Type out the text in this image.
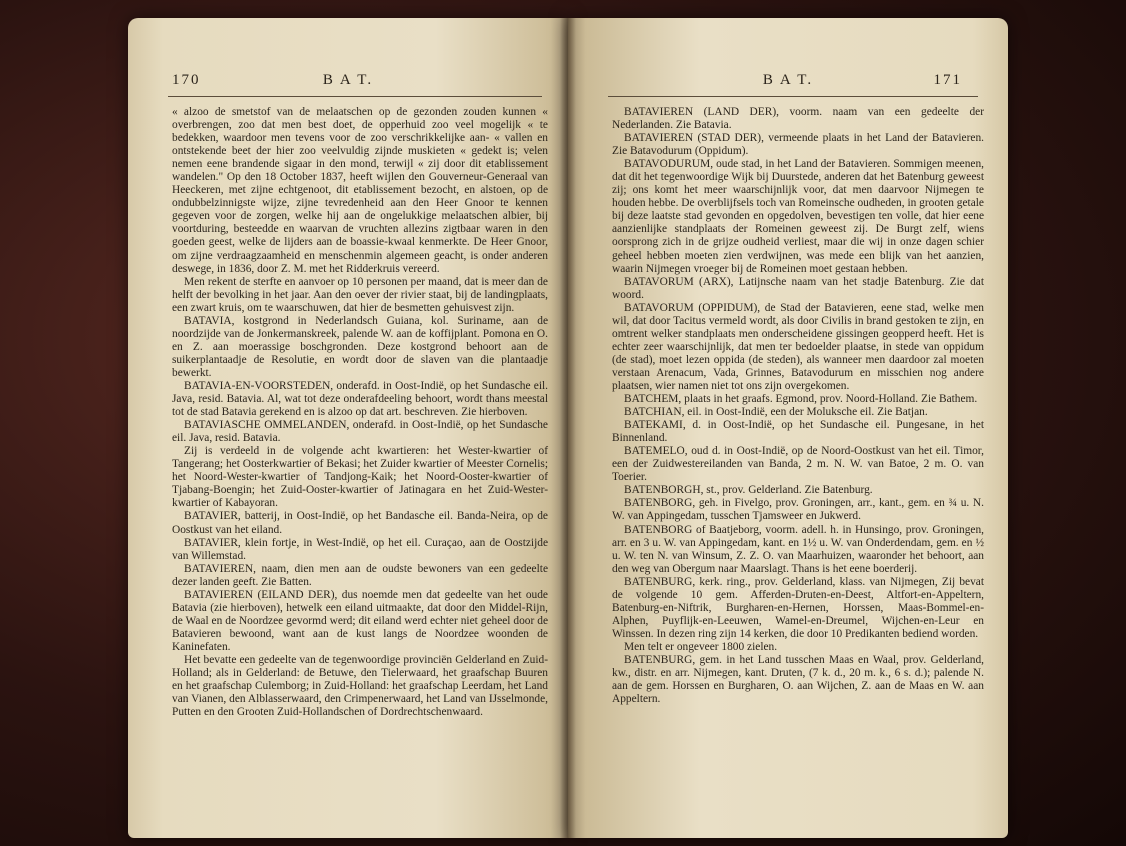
170	B A T.

« alzoo de smetstof van de melaatschen op de gezonden zouden kunnen « overbrengen, zoo dat men best doet, de opperhuid zoo veel mogelijk « te bedekken, waardoor men tevens voor de zoo verschrikkelijke aan- « vallen en ontstekende beet der hier zoo veelvuldig zijnde muskieten « gedekt is; velen nemen eene brandende sigaar in den mond, terwijl « zij door dit etablissement wandelen." Op den 18 October 1837, heeft wijlen den Gouverneur-Generaal van Heeckeren, met zijne echtgenoot, dit etablissement bezocht, en alstoen, op de ondubbelzinnigste wijze, zijne tevredenheid aan den Heer Gnoor te kennen gegeven voor de zorgen, welke hij aan de ongelukkige melaatschen albier, bij voortduring, besteedde en waarvan de vruchten allezins zigtbaar waren in den goeden geest, welke de lijders aan de boassie-kwaal kenmerkte. De Heer Gnoor, om zijne verdraagzaamheid en menschenmin algemeen geacht, is onder anderen deswege, in 1836, door Z. M. met het Ridderkruis vereerd.

Men rekent de sterfte en aanvoer op 10 personen per maand, dat is meer dan de helft der bevolking in het jaar. Aan den oever der rivier staat, bij de landingplaats, een zwart kruis, om te waarschuwen, dat hier de besmetten gehuisvest zijn.

BATAVIA, kostgrond in Nederlandsch Guiana, kol. Suriname, aan de noordzijde van de Jonkermanskreek, palende W. aan de koffijplant. Pomona en O. en Z. aan moerassige boschgronden. Deze kostgrond behoort aan de suikerplantaadje de Resolutie, en wordt door de slaven van die plantaadje bewerkt.

BATAVIA-EN-VOORSTEDEN, onderafd. in Oost-Indië, op het Sundasche eil. Java, resid. Batavia. Al, wat tot deze onderafdeeling behoort, wordt thans meestal tot de stad Batavia gerekend en is alzoo op dat art. beschreven. Zie hierboven.

BATAVIASCHE OMMELANDEN, onderafd. in Oost-Indië, op het Sundasche eil. Java, resid. Batavia.

Zij is verdeeld in de volgende acht kwartieren: het Wester-kwartier of Tangerang; het Oosterkwartier of Bekasi; het Zuider kwartier of Meester Cornelis; het Noord-Wester-kwartier of Tandjong-Kaik; het Noord-Ooster-kwartier of Tjabang-Boengin; het Zuid-Ooster-kwartier of Jatinagara en het Zuid-Wester-kwartier of Kabayoran.

BATAVIER, batterij, in Oost-Indië, op het Bandasche eil. Banda-Neira, op de Oostkust van het eiland.

BATAVIER, klein fortje, in West-Indië, op het eil. Curaçao, aan de Oostzijde van Willemstad.

BATAVIEREN, naam, dien men aan de oudste bewoners van een gedeelte dezer landen geeft. Zie Batten.

BATAVIEREN (EILAND DER), dus noemde men dat gedeelte van het oude Batavia (zie hierboven), hetwelk een eiland uitmaakte, dat door den Middel-Rijn, de Waal en de Noordzee gevormd werd; dit eiland werd echter niet geheel door de Batavieren bewoond, want aan de kust langs de Noordzee woonden de Kaninefaten.

Het bevatte een gedeelte van de tegenwoordige provinciën Gelderland en Zuid-Holland; als in Gelderland: de Betuwe, den Tielerwaard, het graafschap Buuren en het graafschap Culemborg; in Zuid-Holland: het graafschap Leerdam, het Land van Vianen, den Alblasserwaard, den Crimpenerwaard, het Land van IJsselmonde, Putten en den Grooten Zuid-Hollandschen of Dordrechtschenwaard.

B A T.	171

BATAVIEREN (LAND DER), voorm. naam van een gedeelte der Nederlanden. Zie Batavia.

BATAVIEREN (STAD DER), vermeende plaats in het Land der Batavieren. Zie Batavodurum (Oppidum).

BATAVODURUM, oude stad, in het Land der Batavieren. Sommigen meenen, dat dit het tegenwoordige Wijk bij Duurstede, anderen dat het Batenburg geweest zij; ons komt het meer waarschijnlijk voor, dat men daarvoor Nijmegen te houden hebbe. De overblijfsels toch van Romeinsche oudheden, in grooten getale bij deze laatste stad gevonden en opgedolven, bevestigen ten volle, dat hier eene aanzienlijke standplaats der Romeinen geweest zij. De Burgt zelf, wiens oorsprong zich in de grijze oudheid verliest, maar die wij in onze dagen schier geheel hebben moeten zien verdwijnen, was mede een blijk van het aanzien, waarin Nijmegen vroeger bij de Romeinen moet gestaan hebben.

BATAVORUM (ARX), Latijnsche naam van het stadje Batenburg. Zie dat woord.

BATAVORUM (OPPIDUM), de Stad der Batavieren, eene stad, welke men wil, dat door Tacitus vermeld wordt, als door Civilis in brand gestoken te zijn, en omtrent welker standplaats men onderscheidene gissingen geopperd heeft. Het is echter zeer waarschijnlijk, dat men ter bedoelder plaatse, in stede van oppidum (de stad), moet lezen oppida (de steden), als wanneer men daardoor zal moeten verstaan Arenacum, Vada, Grinnes, Batavodurum en misschien nog andere plaatsen, wier namen niet tot ons zijn overgekomen.

BATCHEM, plaats in het graafs. Egmond, prov. Noord-Holland. Zie Bathem.

BATCHIAN, eil. in Oost-Indië, een der Moluksche eil. Zie Batjan.

BATEKAMI, d. in Oost-Indië, op het Sundasche eil. Pungesane, in het Binnenland.

BATEMELO, oud d. in Oost-Indië, op de Noord-Oostkust van het eil. Timor, een der Zuidwestereilanden van Banda, 2 m. N. W. van Batoe, 2 m. O. van Toerier.

BATENBORGH, st., prov. Gelderland. Zie Batenburg.

BATENBORG, geh. in Fivelgo, prov. Groningen, arr., kant., gem. en ¾ u. N. W. van Appingedam, tusschen Tjamsweer en Jukwerd.

BATENBORG of Baatjeborg, voorm. adell. h. in Hunsingo, prov. Groningen, arr. en 3 u. W. van Appingedam, kant. en 1½ u. W. van Onderdendam, gem. en ½ u. W. ten N. van Winsum, Z. Z. O. van Maarhuizen, waaronder het behoort, aan den weg van Obergum naar Maarslagt. Thans is het eene boerderij.

BATENBURG, kerk. ring., prov. Gelderland, klass. van Nijmegen, Zij bevat de volgende 10 gem. Afferden-Druten-en-Deest, Altfort-en-Appeltern, Batenburg-en-Niftrik, Burgharen-en-Hernen, Horssen, Maas-Bommel-en-Alphen, Puyflijk-en-Leeuwen, Wamel-en-Dreumel, Wijchen-en-Leur en Winssen. In dezen ring zijn 14 kerken, die door 10 Predikanten bediend worden.

Men telt er ongeveer 1800 zielen.

BATENBURG, gem. in het Land tusschen Maas en Waal, prov. Gelderland, kw., distr. en arr. Nijmegen, kant. Druten, (7 k. d., 20 m. k., 6 s. d.); palende N. aan de gem. Horssen en Burgharen, O. aan Wijchen, Z. aan de Maas en W. aan Appeltern.
